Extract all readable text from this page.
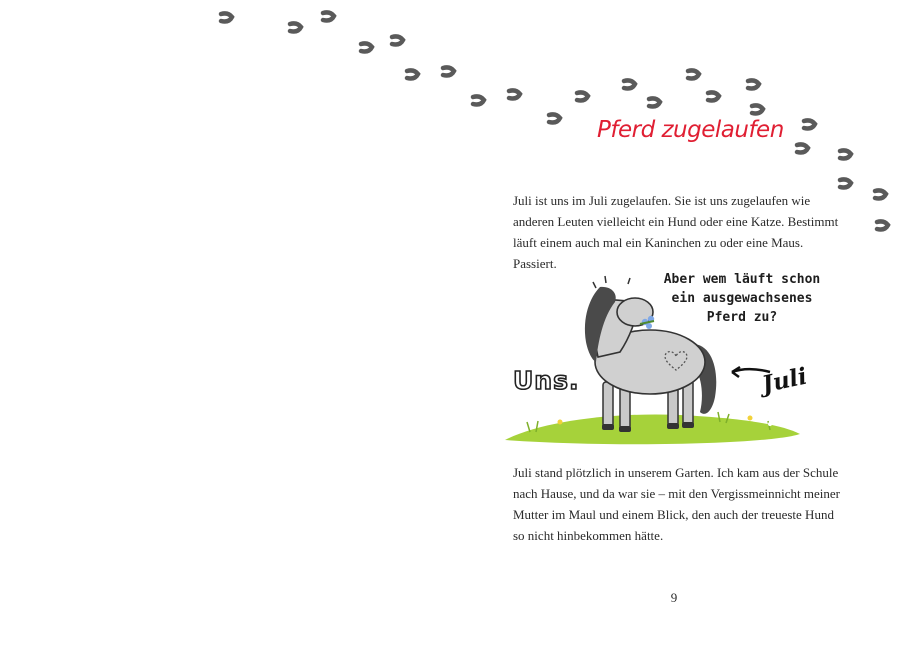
Pferd zugelaufen

Juli ist uns im Juli zugelaufen. Sie ist uns zugelaufen wie anderen Leuten vielleicht ein Hund oder eine Katze. Bestimmt läuft einem auch mal ein Kaninchen zu oder eine Maus. Passiert.

Aber wem läuft schon ein ausgewachsenes Pferd zu?
Uns.	Juli

Juli stand plötzlich in unserem Garten. Ich kam aus der Schule nach Hause, und da war sie – mit den Vergissmeinnicht meiner Mutter im Maul und einem Blick, den auch der treueste Hund so nicht hinbekommen hätte.

9
